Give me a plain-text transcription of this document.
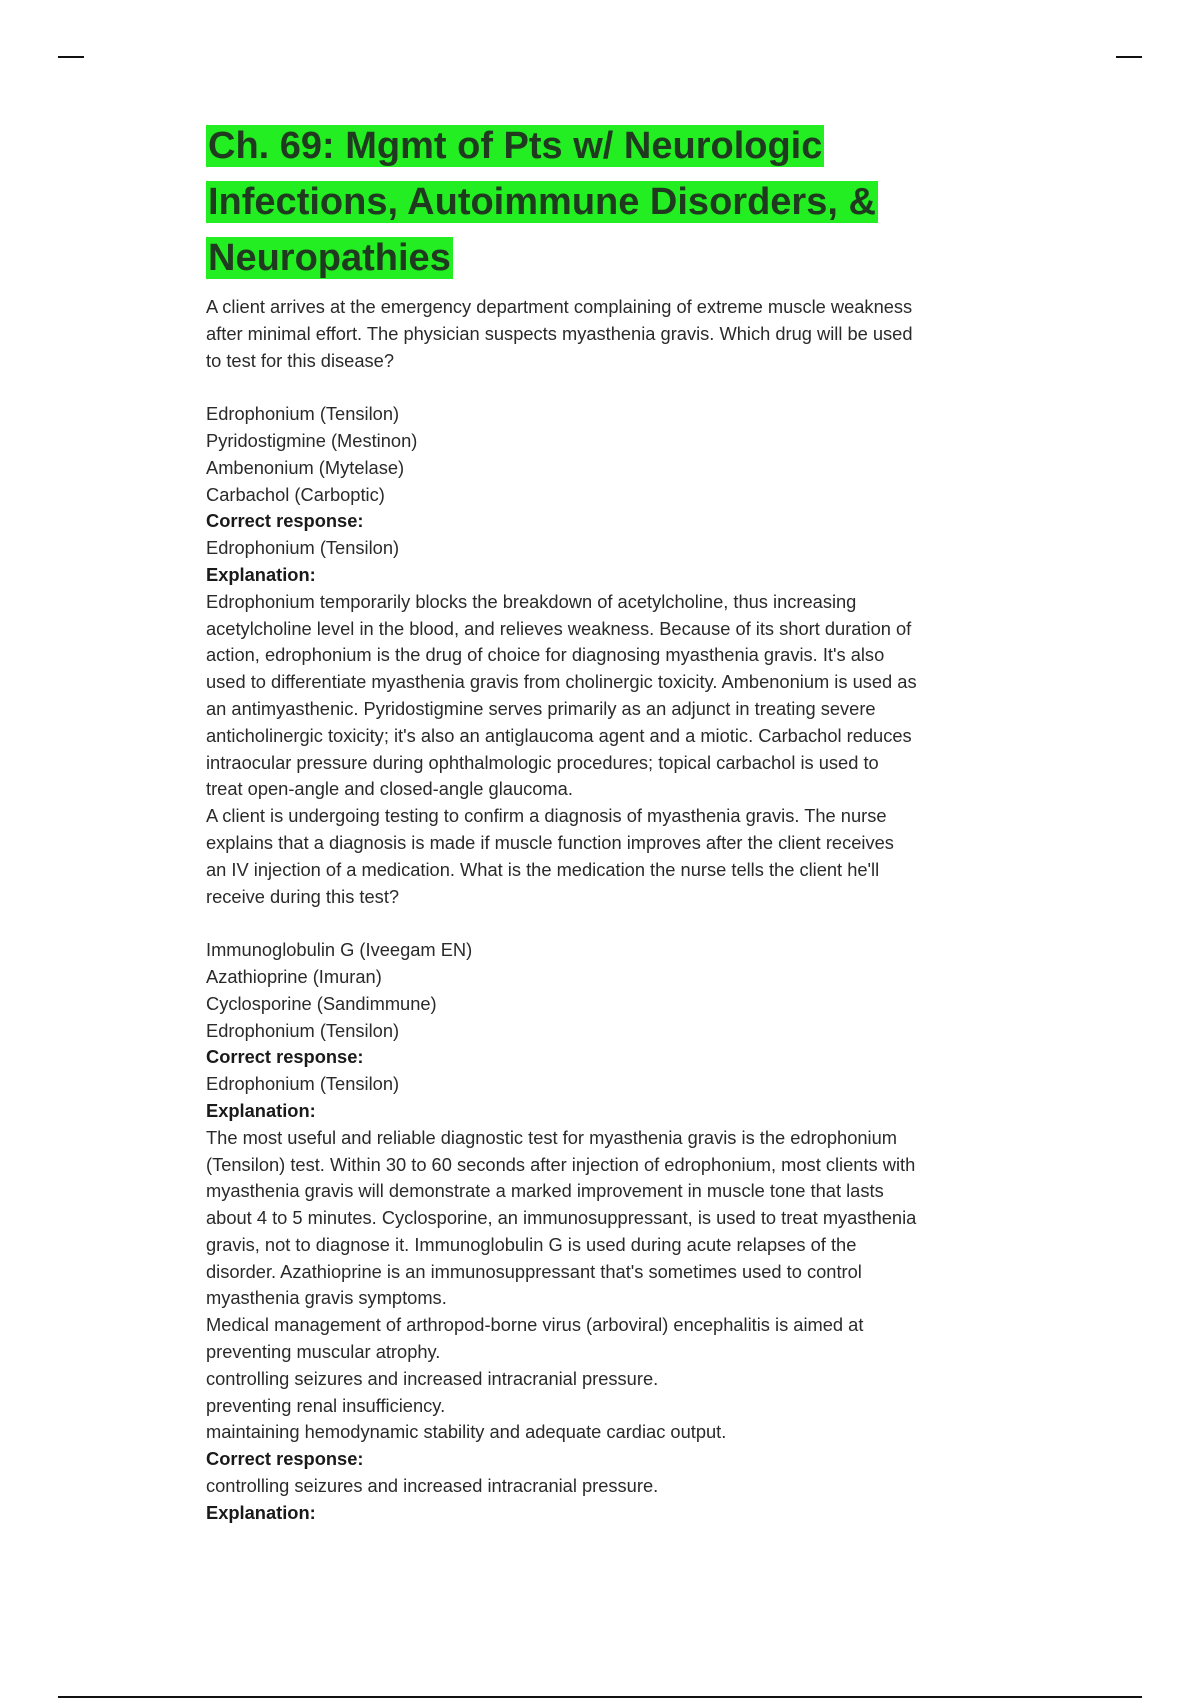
Ch. 69: Mgmt of Pts w/ Neurologic
Infections, Autoimmune Disorders, &
Neuropathies
A client arrives at the emergency department complaining of extreme muscle weakness
after minimal effort. The physician suspects myasthenia gravis. Which drug will be used
to test for this disease?
Edrophonium (Tensilon)
Pyridostigmine (Mestinon)
Ambenonium (Mytelase)
Carbachol (Carboptic)
Correct response:
Edrophonium (Tensilon)
Explanation:
Edrophonium temporarily blocks the breakdown of acetylcholine, thus increasing
acetylcholine level in the blood, and relieves weakness. Because of its short duration of
action, edrophonium is the drug of choice for diagnosing myasthenia gravis. It's also
used to differentiate myasthenia gravis from cholinergic toxicity. Ambenonium is used as
an antimyasthenic. Pyridostigmine serves primarily as an adjunct in treating severe
anticholinergic toxicity; it's also an antiglaucoma agent and a miotic. Carbachol reduces
intraocular pressure during ophthalmologic procedures; topical carbachol is used to
treat open-angle and closed-angle glaucoma.
A client is undergoing testing to confirm a diagnosis of myasthenia gravis. The nurse
explains that a diagnosis is made if muscle function improves after the client receives
an IV injection of a medication. What is the medication the nurse tells the client he'll
receive during this test?
Immunoglobulin G (Iveegam EN)
Azathioprine (Imuran)
Cyclosporine (Sandimmune)
Edrophonium (Tensilon)
Correct response:
Edrophonium (Tensilon)
Explanation:
The most useful and reliable diagnostic test for myasthenia gravis is the edrophonium
(Tensilon) test. Within 30 to 60 seconds after injection of edrophonium, most clients with
myasthenia gravis will demonstrate a marked improvement in muscle tone that lasts
about 4 to 5 minutes. Cyclosporine, an immunosuppressant, is used to treat myasthenia
gravis, not to diagnose it. Immunoglobulin G is used during acute relapses of the
disorder. Azathioprine is an immunosuppressant that's sometimes used to control
myasthenia gravis symptoms.
Medical management of arthropod-borne virus (arboviral) encephalitis is aimed at
preventing muscular atrophy.
controlling seizures and increased intracranial pressure.
preventing renal insufficiency.
maintaining hemodynamic stability and adequate cardiac output.
Correct response:
controlling seizures and increased intracranial pressure.
Explanation:
